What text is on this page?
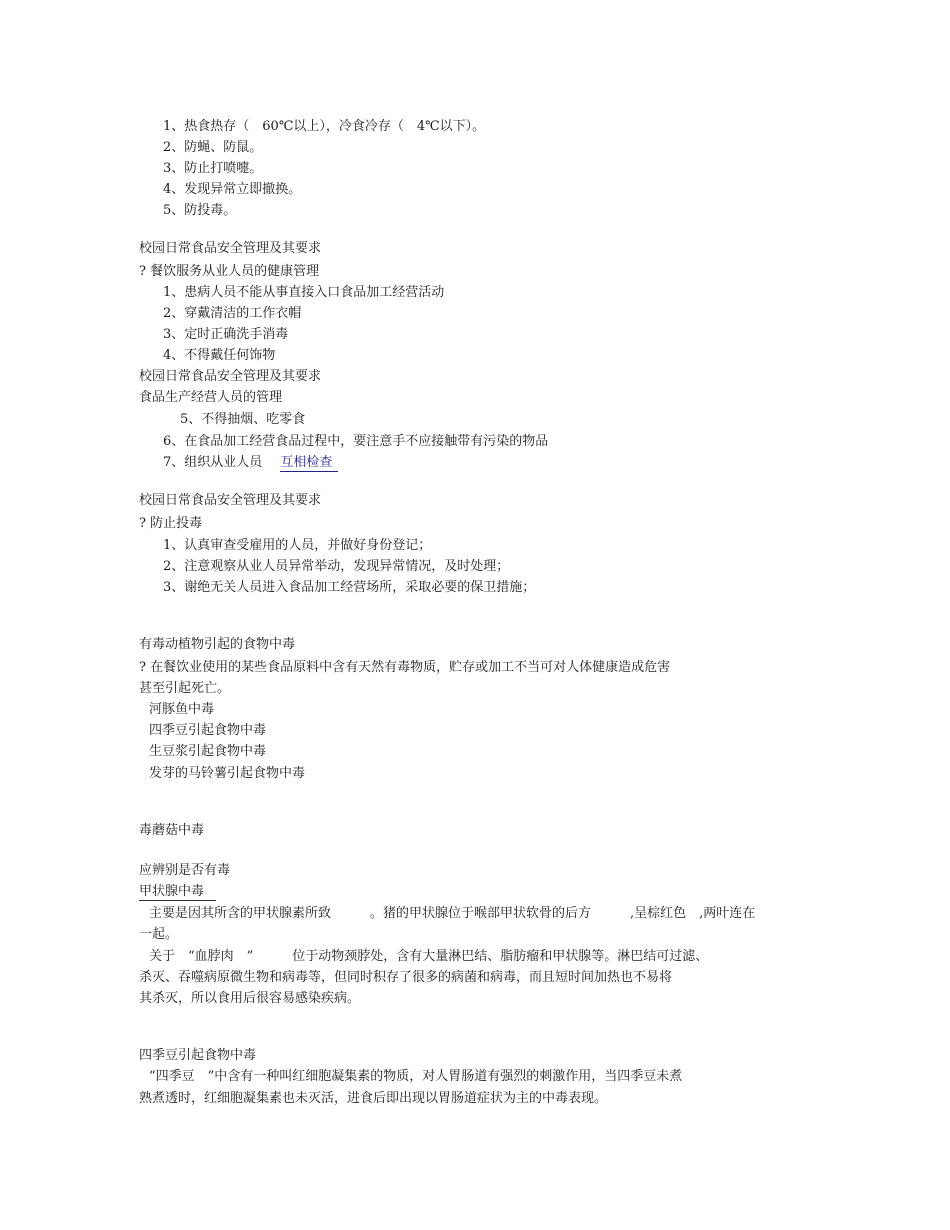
1、热食热存（　60℃以上），冷食冷存（　4℃以下）。
2、防蝇、防鼠。
3、防止打喷嚏。
4、发现异常立即撤换。
5、防投毒。
校园日常食品安全管理及其要求
? 餐饮服务从业人员的健康管理
1、患病人员不能从事直接入口食品加工经营活动
2、穿戴清洁的工作衣帽
3、定时正确洗手消毒
4、不得戴任何饰物
校园日常食品安全管理及其要求
食品生产经营人员的管理
5、不得抽烟、吃零食
6、在食品加工经营食品过程中，要注意手不应接触带有污染的物品
7、组织从业人员 互相检查
校园日常食品安全管理及其要求
? 防止投毒
1、认真审查受雇用的人员，并做好身份登记；
2、注意观察从业人员异常举动，发现异常情况，及时处理；
3、谢绝无关人员进入食品加工经营场所，采取必要的保卫措施；
有毒动植物引起的食物中毒
? 在餐饮业使用的某些食品原料中含有天然有毒物质，贮存或加工不当可对人体健康造成危害
甚至引起死亡。
河豚鱼中毒
四季豆引起食物中毒
生豆浆引起食物中毒
发芽的马铃薯引起食物中毒
毒蘑菇中毒
应辨别是否有毒
甲状腺中毒
主要是因其所含的甲状腺素所致　　　。猪的甲状腺位于喉部甲状软骨的后方　　　,呈棕红色　,两叶连在
一起。
关于　“血脖肉　”　　　位于动物颈脖处，含有大量淋巴结、脂肪瘤和甲状腺等。淋巴结可过滤、
杀灭、吞噬病原微生物和病毒等，但同时积存了很多的病菌和病毒，而且短时间加热也不易将
其杀灭，所以食用后很容易感染疾病。
四季豆引起食物中毒
“四季豆　”中含有一种叫红细胞凝集素的物质，对人胃肠道有强烈的刺激作用，当四季豆未煮
熟煮透时，红细胞凝集素也未灭活，进食后即出现以胃肠道症状为主的中毒表现。
